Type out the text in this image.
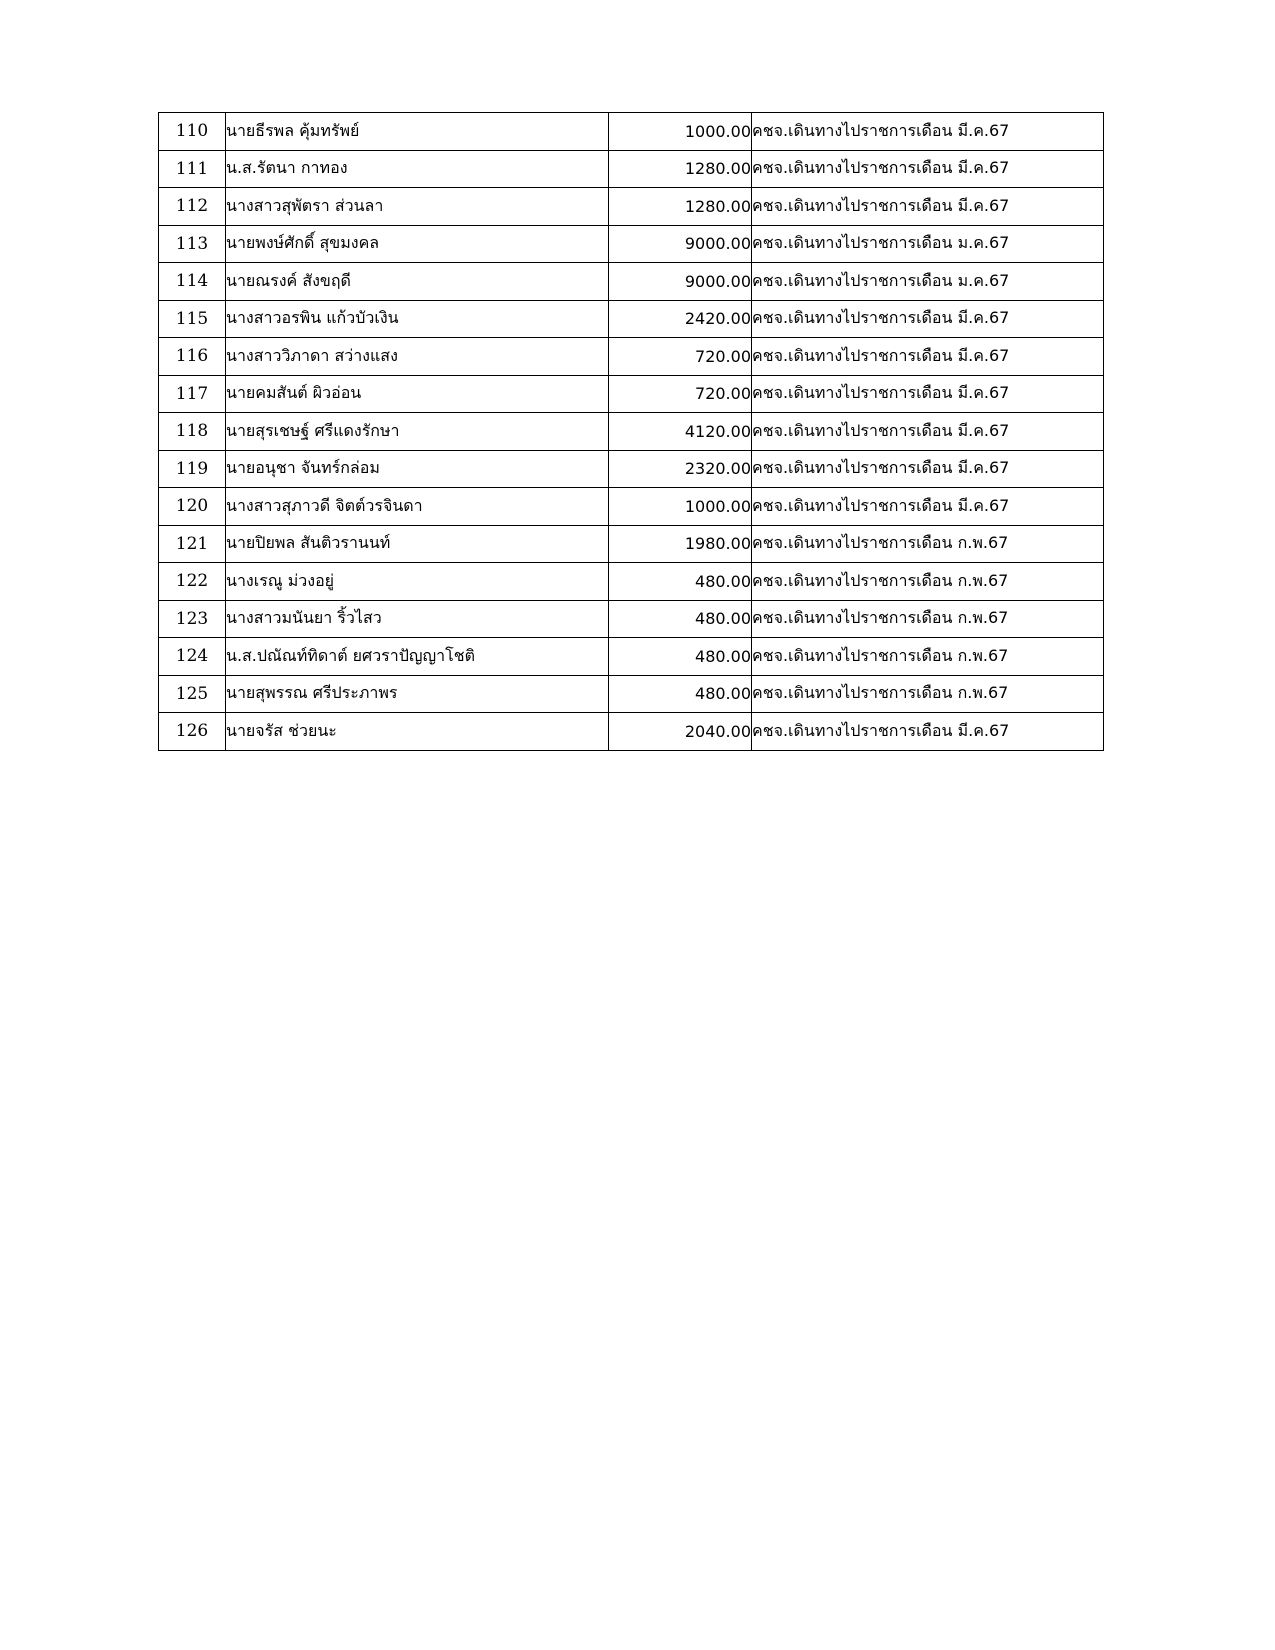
110	นายธีรพล คุ้มทรัพย์	1000.00	คชจ.เดินทางไปราชการเดือน มี.ค.67
111	น.ส.รัตนา กาทอง	1280.00	คชจ.เดินทางไปราชการเดือน มี.ค.67
112	นางสาวสุพัตรา ส่วนลา	1280.00	คชจ.เดินทางไปราชการเดือน มี.ค.67
113	นายพงษ์ศักดิ์ สุขมงคล	9000.00	คชจ.เดินทางไปราชการเดือน ม.ค.67
114	นายณรงค์ สังขฤดี	9000.00	คชจ.เดินทางไปราชการเดือน ม.ค.67
115	นางสาวอรพิน แก้วบัวเงิน	2420.00	คชจ.เดินทางไปราชการเดือน มี.ค.67
116	นางสาววิภาดา สว่างแสง	720.00	คชจ.เดินทางไปราชการเดือน มี.ค.67
117	นายคมสันต์ ผิวอ่อน	720.00	คชจ.เดินทางไปราชการเดือน มี.ค.67
118	นายสุรเชษฐ์ ศรีแดงรักษา	4120.00	คชจ.เดินทางไปราชการเดือน มี.ค.67
119	นายอนุชา จันทร์กล่อม	2320.00	คชจ.เดินทางไปราชการเดือน มี.ค.67
120	นางสาวสุภาวดี จิตต์วรจินดา	1000.00	คชจ.เดินทางไปราชการเดือน มี.ค.67
121	นายปิยพล สันติวรานนท์	1980.00	คชจ.เดินทางไปราชการเดือน ก.พ.67
122	นางเรณู ม่วงอยู่	480.00	คชจ.เดินทางไปราชการเดือน ก.พ.67
123	นางสาวมนันยา ริ้วไสว	480.00	คชจ.เดินทางไปราชการเดือน ก.พ.67
124	น.ส.ปณัณท์ทิดาต์ ยศวราปัญญาโชติ	480.00	คชจ.เดินทางไปราชการเดือน ก.พ.67
125	นายสุพรรณ ศรีประภาพร	480.00	คชจ.เดินทางไปราชการเดือน ก.พ.67
126	นายจรัส ช่วยนะ	2040.00	คชจ.เดินทางไปราชการเดือน มี.ค.67
